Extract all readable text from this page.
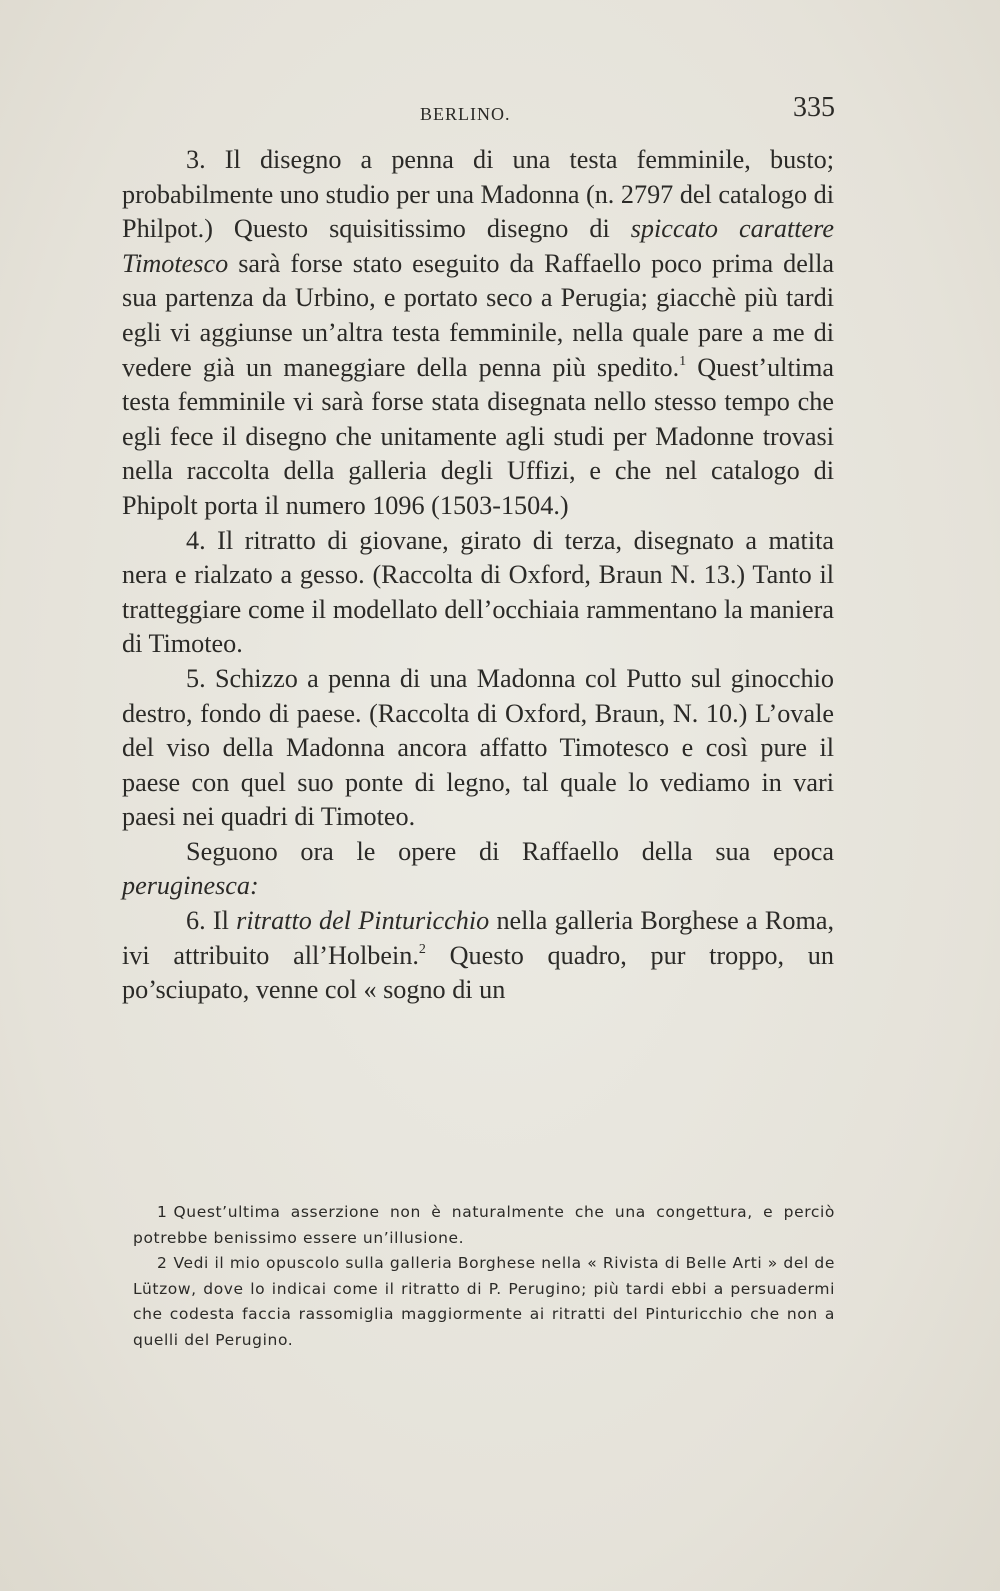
BERLINO.	335

3. Il disegno a penna di una testa femminile, busto; probabilmente uno studio per una Madonna (n. 2797 del catalogo di Philpot.) Questo squisitissimo disegno di spiccato carattere Timotesco sarà forse stato eseguito da Raffaello poco prima della sua partenza da Urbino, e portato seco a Perugia; giacchè più tardi egli vi aggiunse un’altra testa femminile, nella quale pare a me di vedere già un maneggiare della penna più spedito.$^1$ Quest’ultima testa femminile vi sarà forse stata disegnata nello stesso tempo che egli fece il disegno che unitamente agli studi per Madonne trovasi nella raccolta della galleria degli Uffizi, e che nel catalogo di Phipolt porta il numero 1096 (1503-1504.)

4. Il ritratto di giovane, girato di terza, disegnato a matita nera e rialzato a gesso. (Raccolta di Oxford, Braun N. 13.) Tanto il tratteggiare come il modellato dell’occhiaia rammentano la maniera di Timoteo.

5. Schizzo a penna di una Madonna col Putto sul ginocchio destro, fondo di paese. (Raccolta di Oxford, Braun, N. 10.) L’ovale del viso della Madonna ancora affatto Timotesco e così pure il paese con quel suo ponte di legno, tal quale lo vediamo in vari paesi nei quadri di Timoteo.

Seguono ora le opere di Raffaello della sua epoca peruginesca:

6. Il ritratto del Pinturicchio nella galleria Borghese a Roma, ivi attribuito all’Holbein.$^2$ Questo quadro, pur troppo, un po’sciupato, venne col « sogno di un

1 Quest’ultima asserzione non è naturalmente che una congettura, e perciò potrebbe benissimo essere un’illusione.

2 Vedi il mio opuscolo sulla galleria Borghese nella « Rivista di Belle Arti » del de Lützow, dove lo indicai come il ritratto di P. Perugino; più tardi ebbi a persuadermi che codesta faccia rassomiglia maggiormente ai ritratti del Pinturicchio che non a quelli del Perugino.
